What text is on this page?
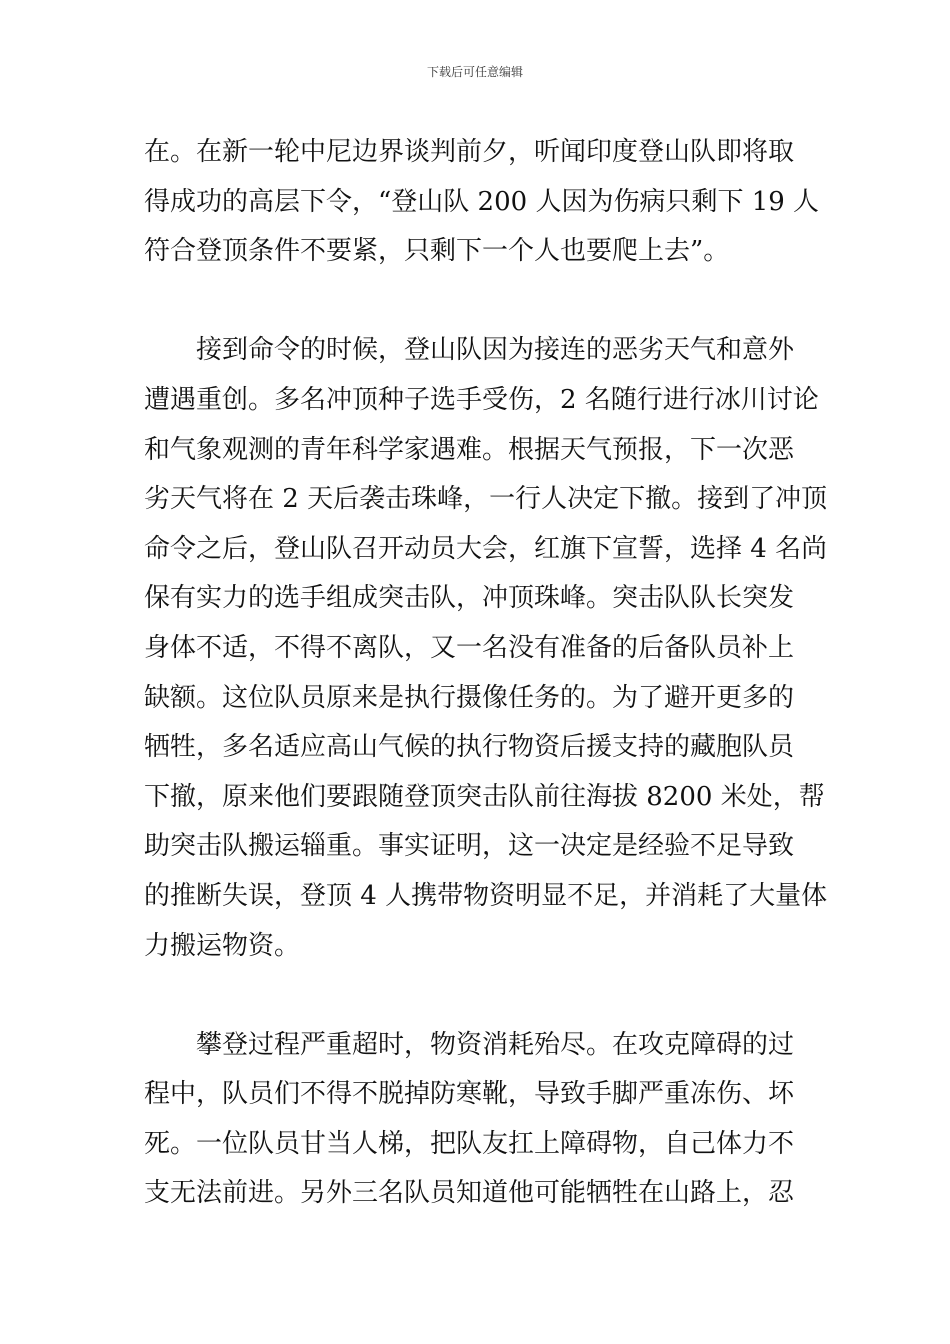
下载后可任意编辑

在。在新一轮中尼边界谈判前夕，听闻印度登山队即将取
得成功的高层下令，“登山队 200 人因为伤病只剩下 19 人
符合登顶条件不要紧，只剩下一个人也要爬上去”。

　　接到命令的时候，登山队因为接连的恶劣天气和意外
遭遇重创。多名冲顶种子选手受伤，2 名随行进行冰川讨论
和气象观测的青年科学家遇难。根据天气预报，下一次恶
劣天气将在 2 天后袭击珠峰，一行人决定下撤。接到了冲顶
命令之后，登山队召开动员大会，红旗下宣誓，选择 4 名尚
保有实力的选手组成突击队，冲顶珠峰。突击队队长突发
身体不适，不得不离队，又一名没有准备的后备队员补上
缺额。这位队员原来是执行摄像任务的。为了避开更多的
牺牲，多名适应高山气候的执行物资后援支持的藏胞队员
下撤，原来他们要跟随登顶突击队前往海拔 8200 米处，帮
助突击队搬运辎重。事实证明，这一决定是经验不足导致
的推断失误，登顶 4 人携带物资明显不足，并消耗了大量体
力搬运物资。

　　攀登过程严重超时，物资消耗殆尽。在攻克障碍的过
程中，队员们不得不脱掉防寒靴，导致手脚严重冻伤、坏
死。一位队员甘当人梯，把队友扛上障碍物，自己体力不
支无法前进。另外三名队员知道他可能牺牲在山路上，忍
